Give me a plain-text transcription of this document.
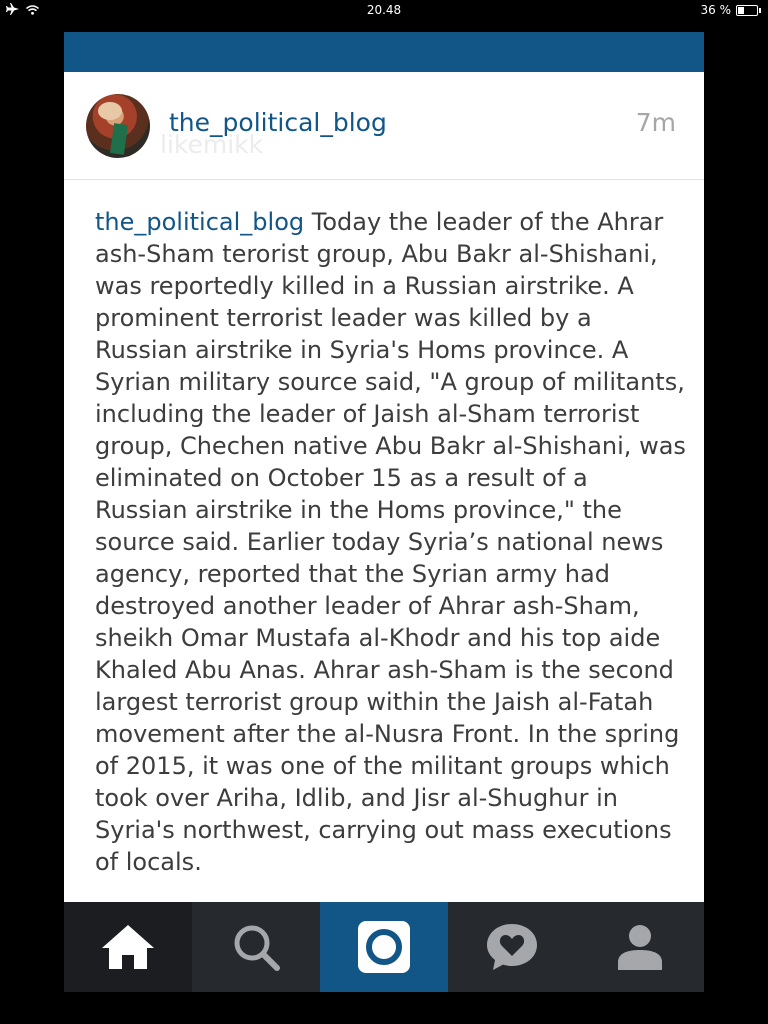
20.48	36 %
likemikk
the_political_blog	7m

the_political_blog Today the leader of the Ahrar ash-Sham terorist group, Abu Bakr al-Shishani, was reportedly killed in a Russian airstrike. A prominent terrorist leader was killed by a Russian airstrike in Syria's Homs province. A Syrian military source said, "A group of militants, including the leader of Jaish al-Sham terrorist group, Chechen native Abu Bakr al-Shishani, was eliminated on October 15 as a result of a Russian airstrike in the Homs province," the source said. Earlier today Syria’s national news agency, reported that the Syrian army had destroyed another leader of Ahrar ash-Sham, sheikh Omar Mustafa al-Khodr and his top aide Khaled Abu Anas. Ahrar ash-Sham is the second largest terrorist group within the Jaish al-Fatah movement after the al-Nusra Front. In the spring of 2015, it was one of the militant groups which took over Ariha, Idlib, and Jisr al-Shughur in Syria's northwest, carrying out mass executions of locals.
